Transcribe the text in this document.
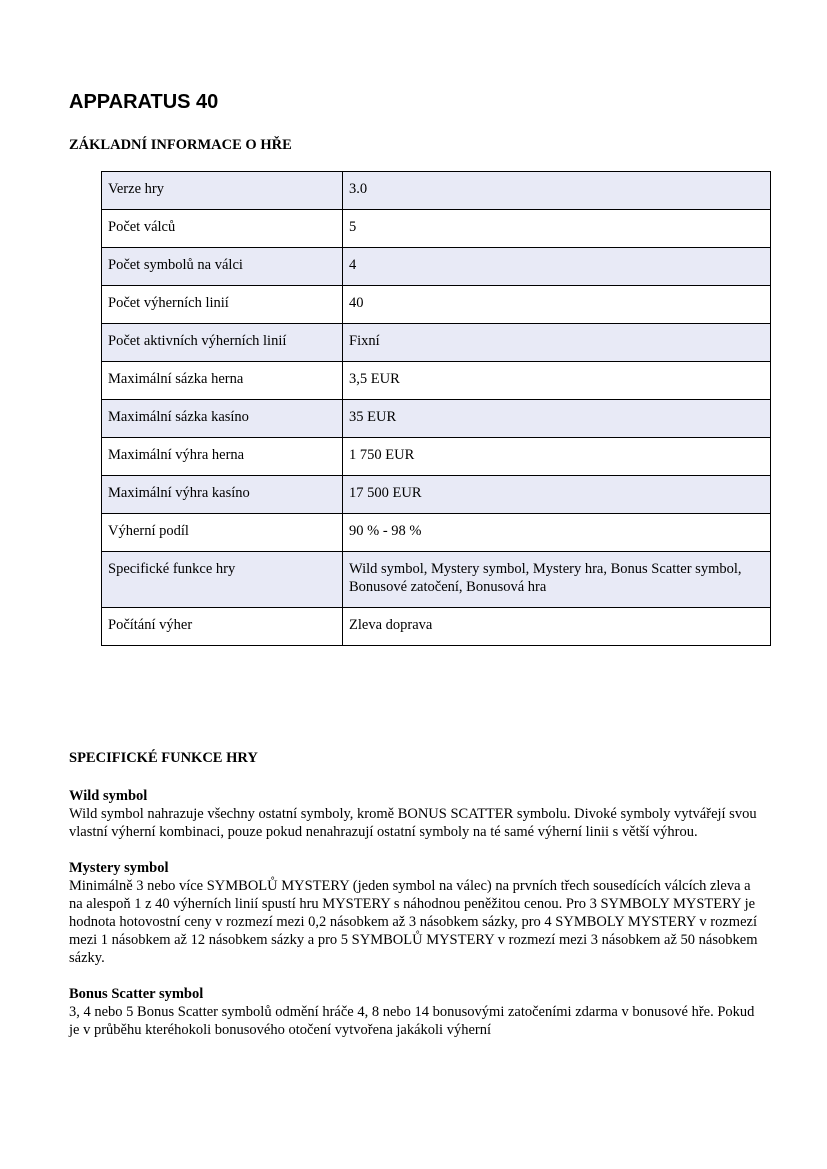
APPARATUS 40
ZÁKLADNÍ INFORMACE O HŘE
Verze hry	3.0
Počet válců	5
Počet symbolů na válci	4
Počet výherních linií	40
Počet aktivních výherních linií	Fixní
Maximální sázka herna	3,5 EUR
Maximální sázka kasíno	35 EUR
Maximální výhra herna	1 750 EUR
Maximální výhra kasíno	17 500 EUR
Výherní podíl	90 % - 98 %
Specifické funkce hry	Wild symbol, Mystery symbol, Mystery hra, Bonus Scatter symbol, Bonusové zatočení, Bonusová hra
Počítání výher	Zleva doprava
SPECIFICKÉ FUNKCE HRY
Wild symbol
Wild symbol nahrazuje všechny ostatní symboly, kromě BONUS SCATTER symbolu. Divoké symboly vytvářejí svou vlastní výherní kombinaci, pouze pokud nenahrazují ostatní symboly na té samé výherní linii s větší výhrou.
Mystery symbol
Minimálně 3 nebo více SYMBOLŮ MYSTERY (jeden symbol na válec) na prvních třech sousedících válcích zleva a na alespoň 1 z 40 výherních linií spustí hru MYSTERY s náhodnou peněžitou cenou. Pro 3 SYMBOLY MYSTERY je hodnota hotovostní ceny v rozmezí mezi 0,2 násobkem až 3 násobkem sázky, pro 4 SYMBOLY MYSTERY v rozmezí mezi 1 násobkem až 12 násobkem sázky a pro 5 SYMBOLŮ MYSTERY v rozmezí mezi 3 násobkem až 50 násobkem sázky.
Bonus Scatter symbol
3, 4 nebo 5 Bonus Scatter symbolů odmění hráče 4, 8 nebo 14 bonusovými zatočeními zdarma v bonusové hře. Pokud je v průběhu kteréhokoli bonusového otočení vytvořena jakákoli výherní
